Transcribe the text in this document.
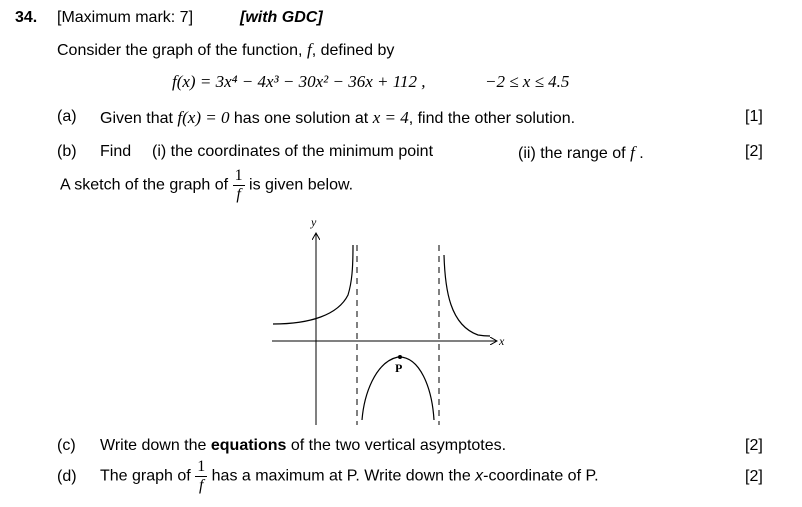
34. [Maximum mark: 7]	[with GDC]
Consider the graph of the function, f, defined by
f(x) = 3x⁴ − 4x³ − 30x² − 36x + 112 ,	−2 ≤ x ≤ 4.5
(a) Given that f(x) = 0 has one solution at x = 4, find the other solution.	[1]
(b) Find (i) the coordinates of the minimum point	(ii) the range of f .	[2]
A sketch of the graph of $\frac{1}{f}$ is given below.
y
x
P
(c) Write down the equations of the two vertical asymptotes.	[2]
(d) The graph of $\frac{1}{f}$ has a maximum at P. Write down the x-coordinate of P.	[2]
